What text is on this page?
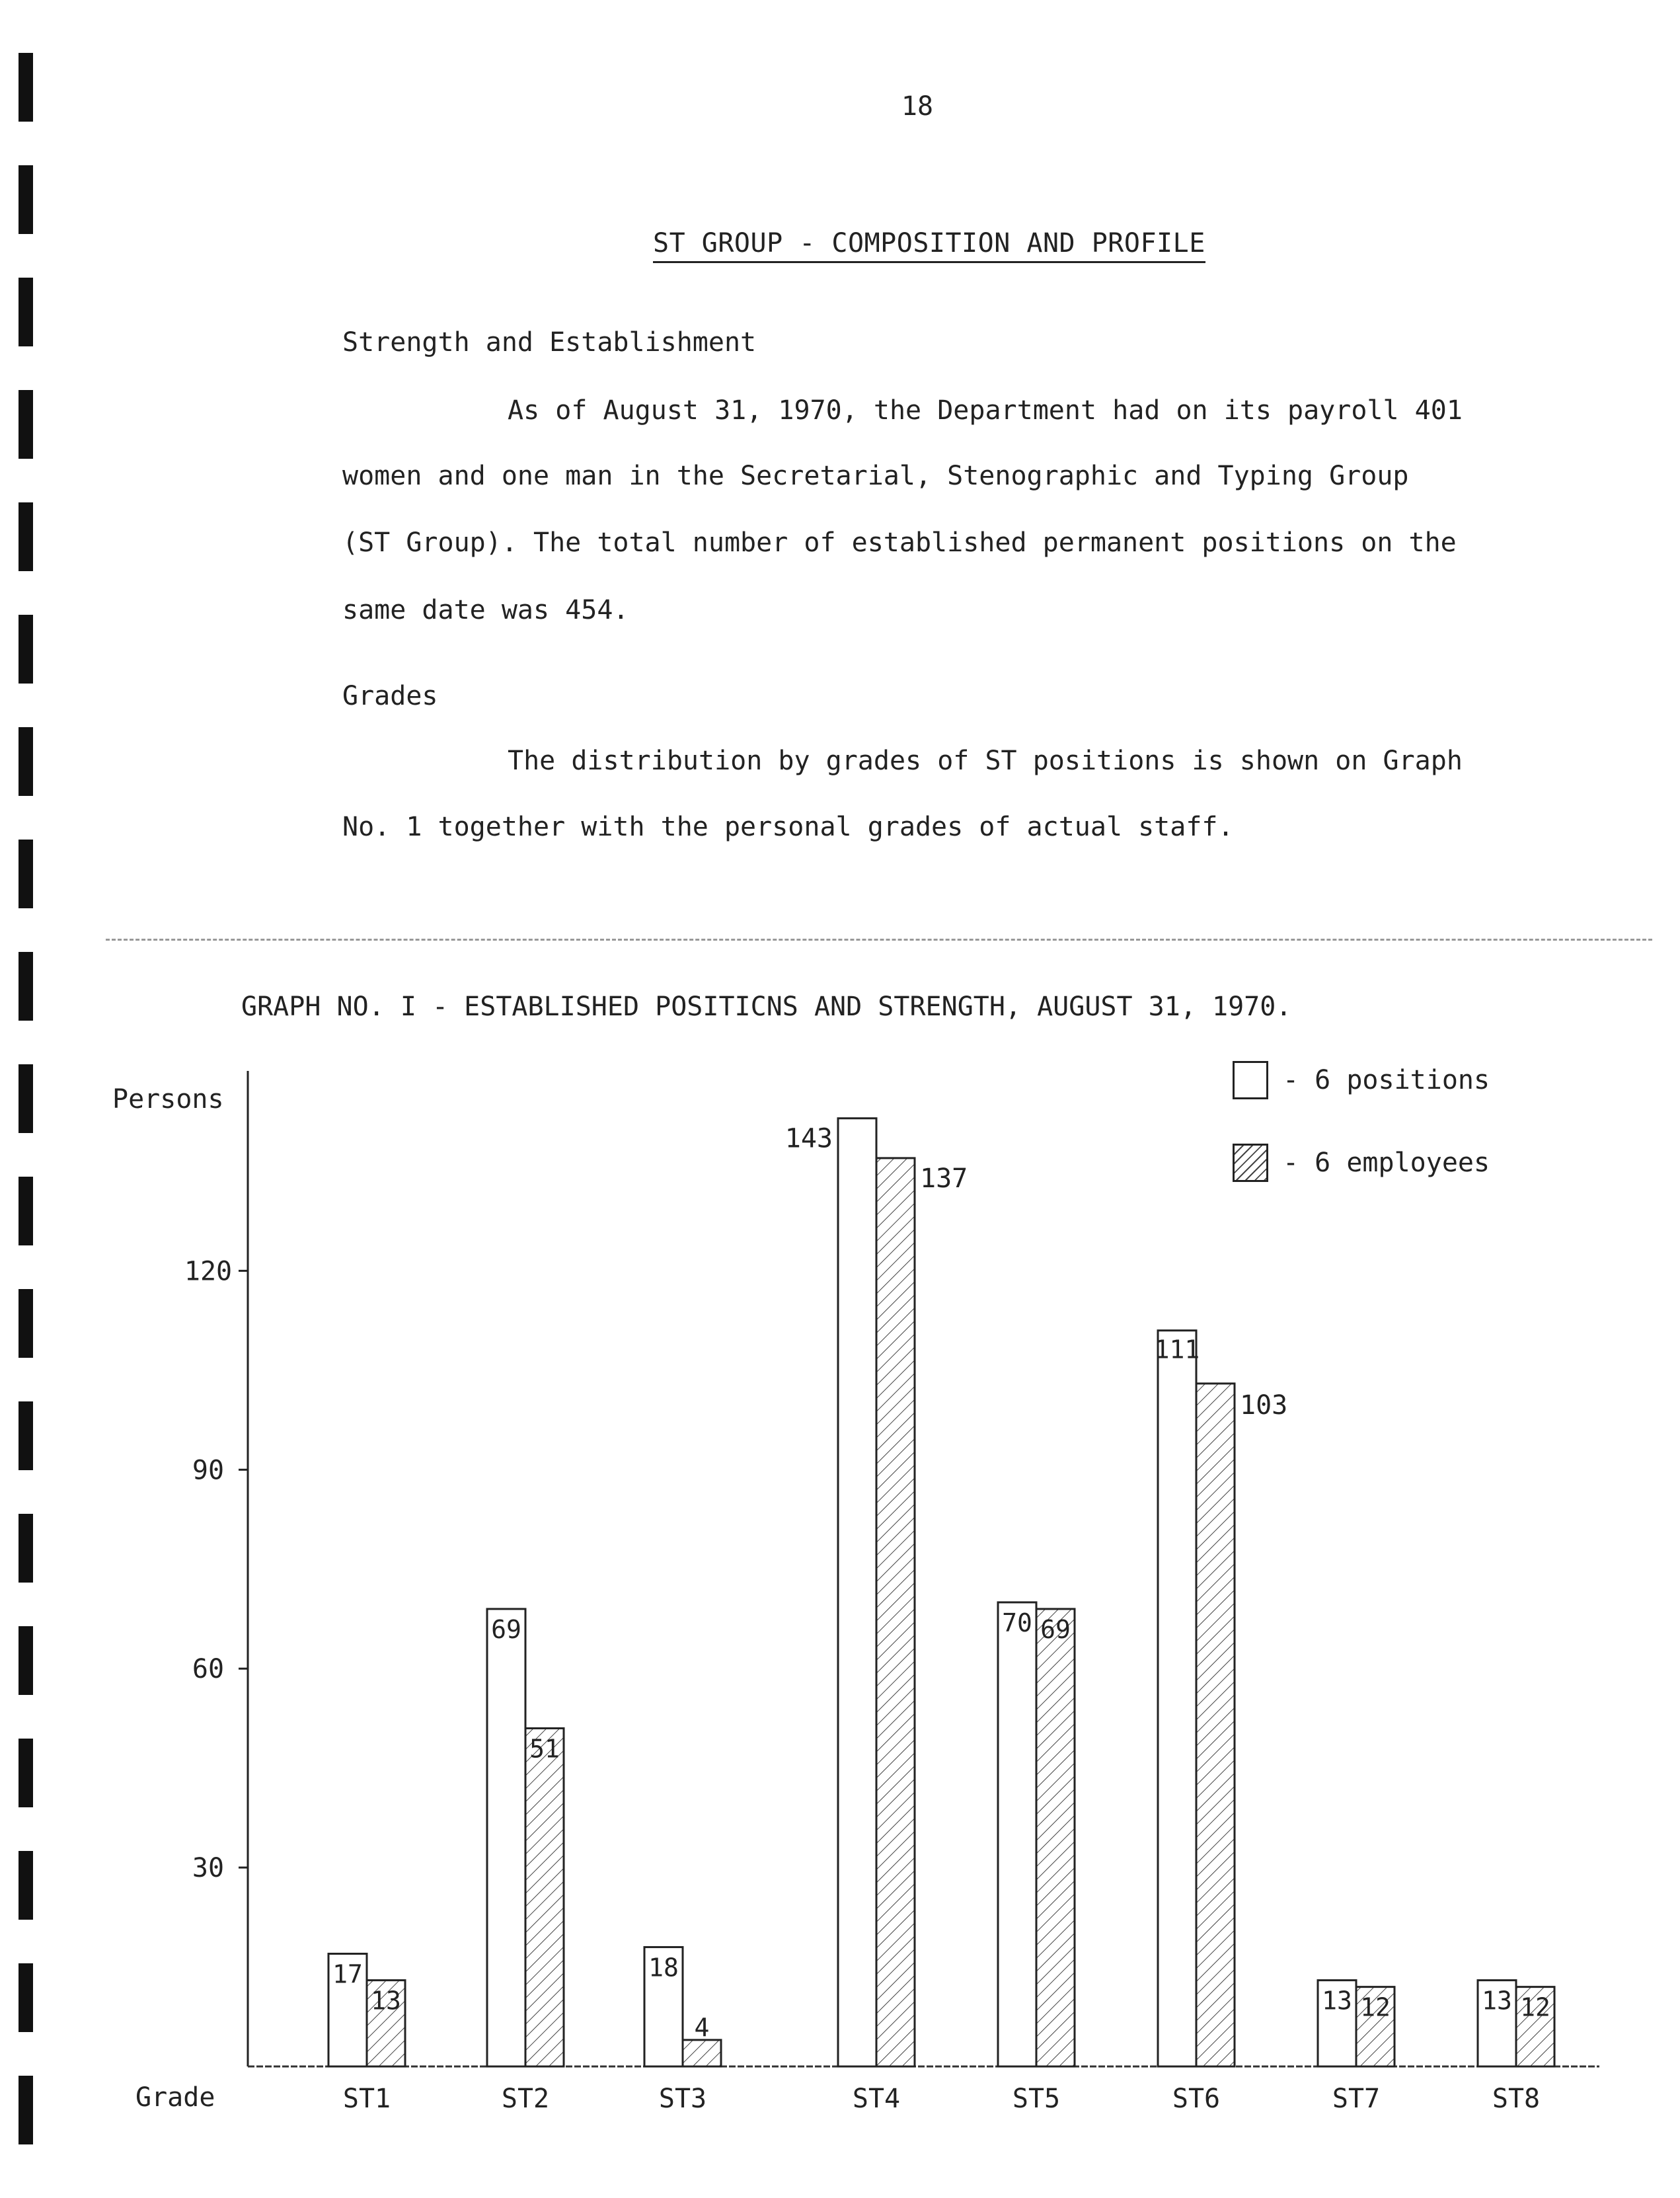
18
ST GROUP - COMPOSITION AND PROFILE
Strength and Establishment
As of August 31, 1970, the Department had on its payroll 401
women and one man in the Secretarial, Stenographic and Typing Group
(ST Group). The total number of established permanent positions on the
same date was 454.
Grades
The distribution by grades of ST positions is shown on Graph
No. 1 together with the personal grades of actual staff.
GRAPH NO. I - ESTABLISHED POSITICNS AND STRENGTH, AUGUST 31, 1970.
Persons
Grade
- 6 positions
- 6 employees
30
60
90
120
ST1
17
13
ST2
69
51
ST3
18
4
ST4
143
137
ST5
70 69
ST6
111
103
ST7
13 12
ST8
13 12
